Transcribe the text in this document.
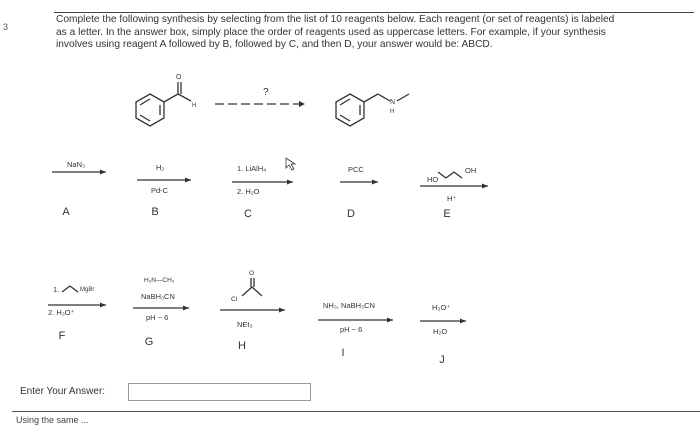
3
Complete the following synthesis by selecting from the list of 10 reagents below. Each reagent (or set of reagents) is labeled
as a letter. In the answer box, simply place the order of reagents used as uppercase letters. For example, if your synthesis
involves using reagent A followed by B, followed by C, and then D, your answer would be: ABCD.
O
H	N
H
?
NaN₃
A
H₂
Pd-C
B
1. LiAlH₄
2. H₂O
C
PCC
D
HO
OH
H⁺
E
1.	MgBr
2. H₃O⁺
F
H₂N—CH₃
NaBH₃CN
pH ~ 6
G
Cl
O
NEt₃
H
NH₃, NaBH₃CN
pH ~ 6
I
H₃O⁺
H₂O
J
Enter Your Answer:
Using the same ...
